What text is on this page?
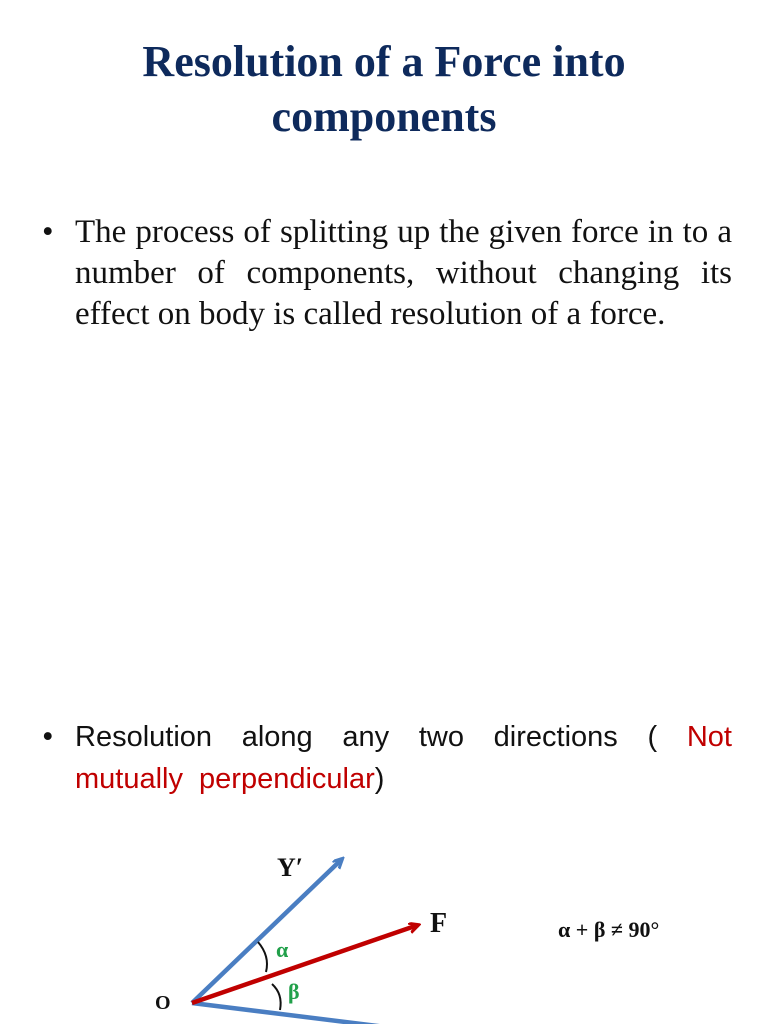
Resolution of a Force into
components
• The process of splitting up the given force in to a number of components, without changing its effect on body is called resolution of a force.
• Resolution along any two directions ( Not mutually perpendicular)
Y′
F
α
β
O
α + β ≠ 90°
